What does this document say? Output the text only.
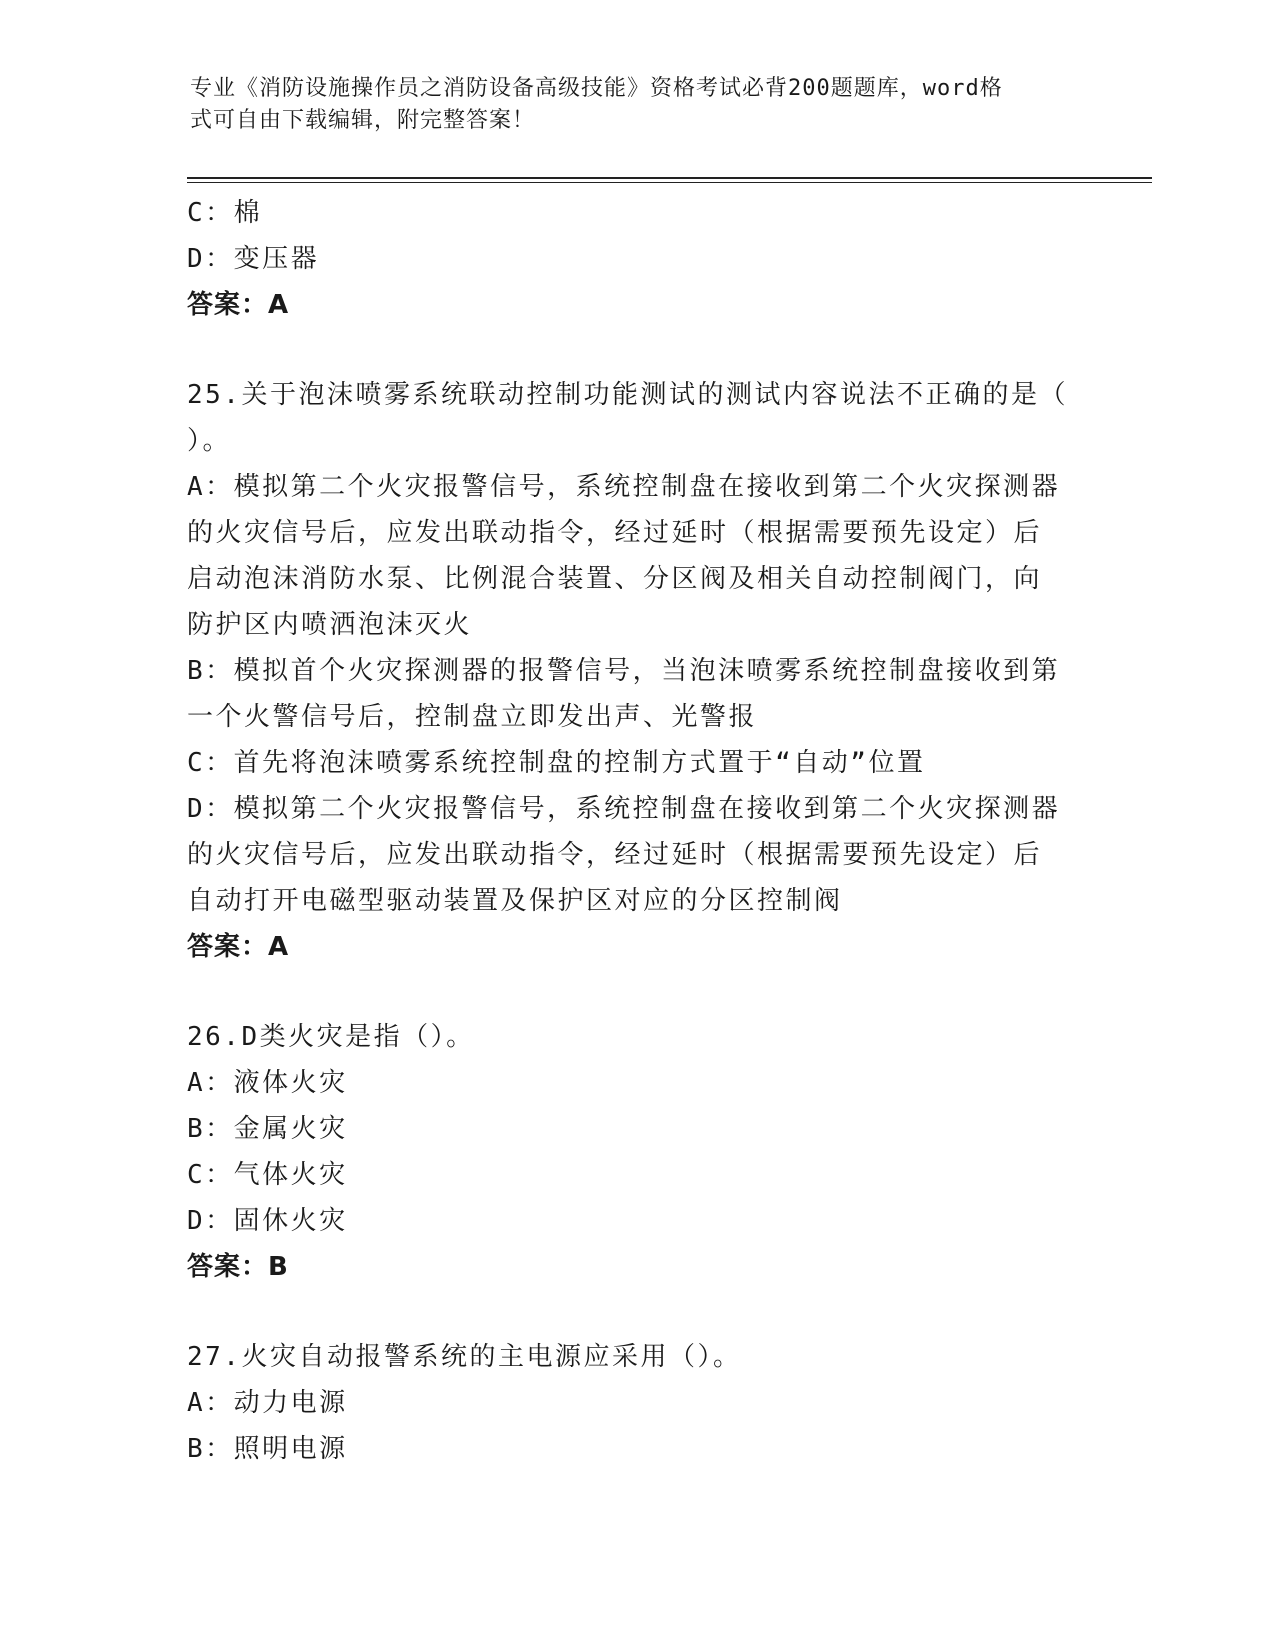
专业《消防设施操作员之消防设备高级技能》资格考试必背200题题库，word格
式可自由下载编辑，附完整答案！
C：棉
D：变压器
答案：A
25.关于泡沫喷雾系统联动控制功能测试的测试内容说法不正确的是（
）。
A：模拟第二个火灾报警信号，系统控制盘在接收到第二个火灾探测器
的火灾信号后，应发出联动指令，经过延时（根据需要预先设定）后
启动泡沫消防水泵、比例混合装置、分区阀及相关自动控制阀门，向
防护区内喷洒泡沫灭火
B：模拟首个火灾探测器的报警信号，当泡沫喷雾系统控制盘接收到第
一个火警信号后，控制盘立即发出声、光警报
C：首先将泡沫喷雾系统控制盘的控制方式置于“自动”位置
D：模拟第二个火灾报警信号，系统控制盘在接收到第二个火灾探测器
的火灾信号后，应发出联动指令，经过延时（根据需要预先设定）后
自动打开电磁型驱动装置及保护区对应的分区控制阀
答案：A
26.D类火灾是指（）。
A：液体火灾
B：金属火灾
C：气体火灾
D：固休火灾
答案：B
27.火灾自动报警系统的主电源应采用（）。
A：动力电源
B：照明电源
